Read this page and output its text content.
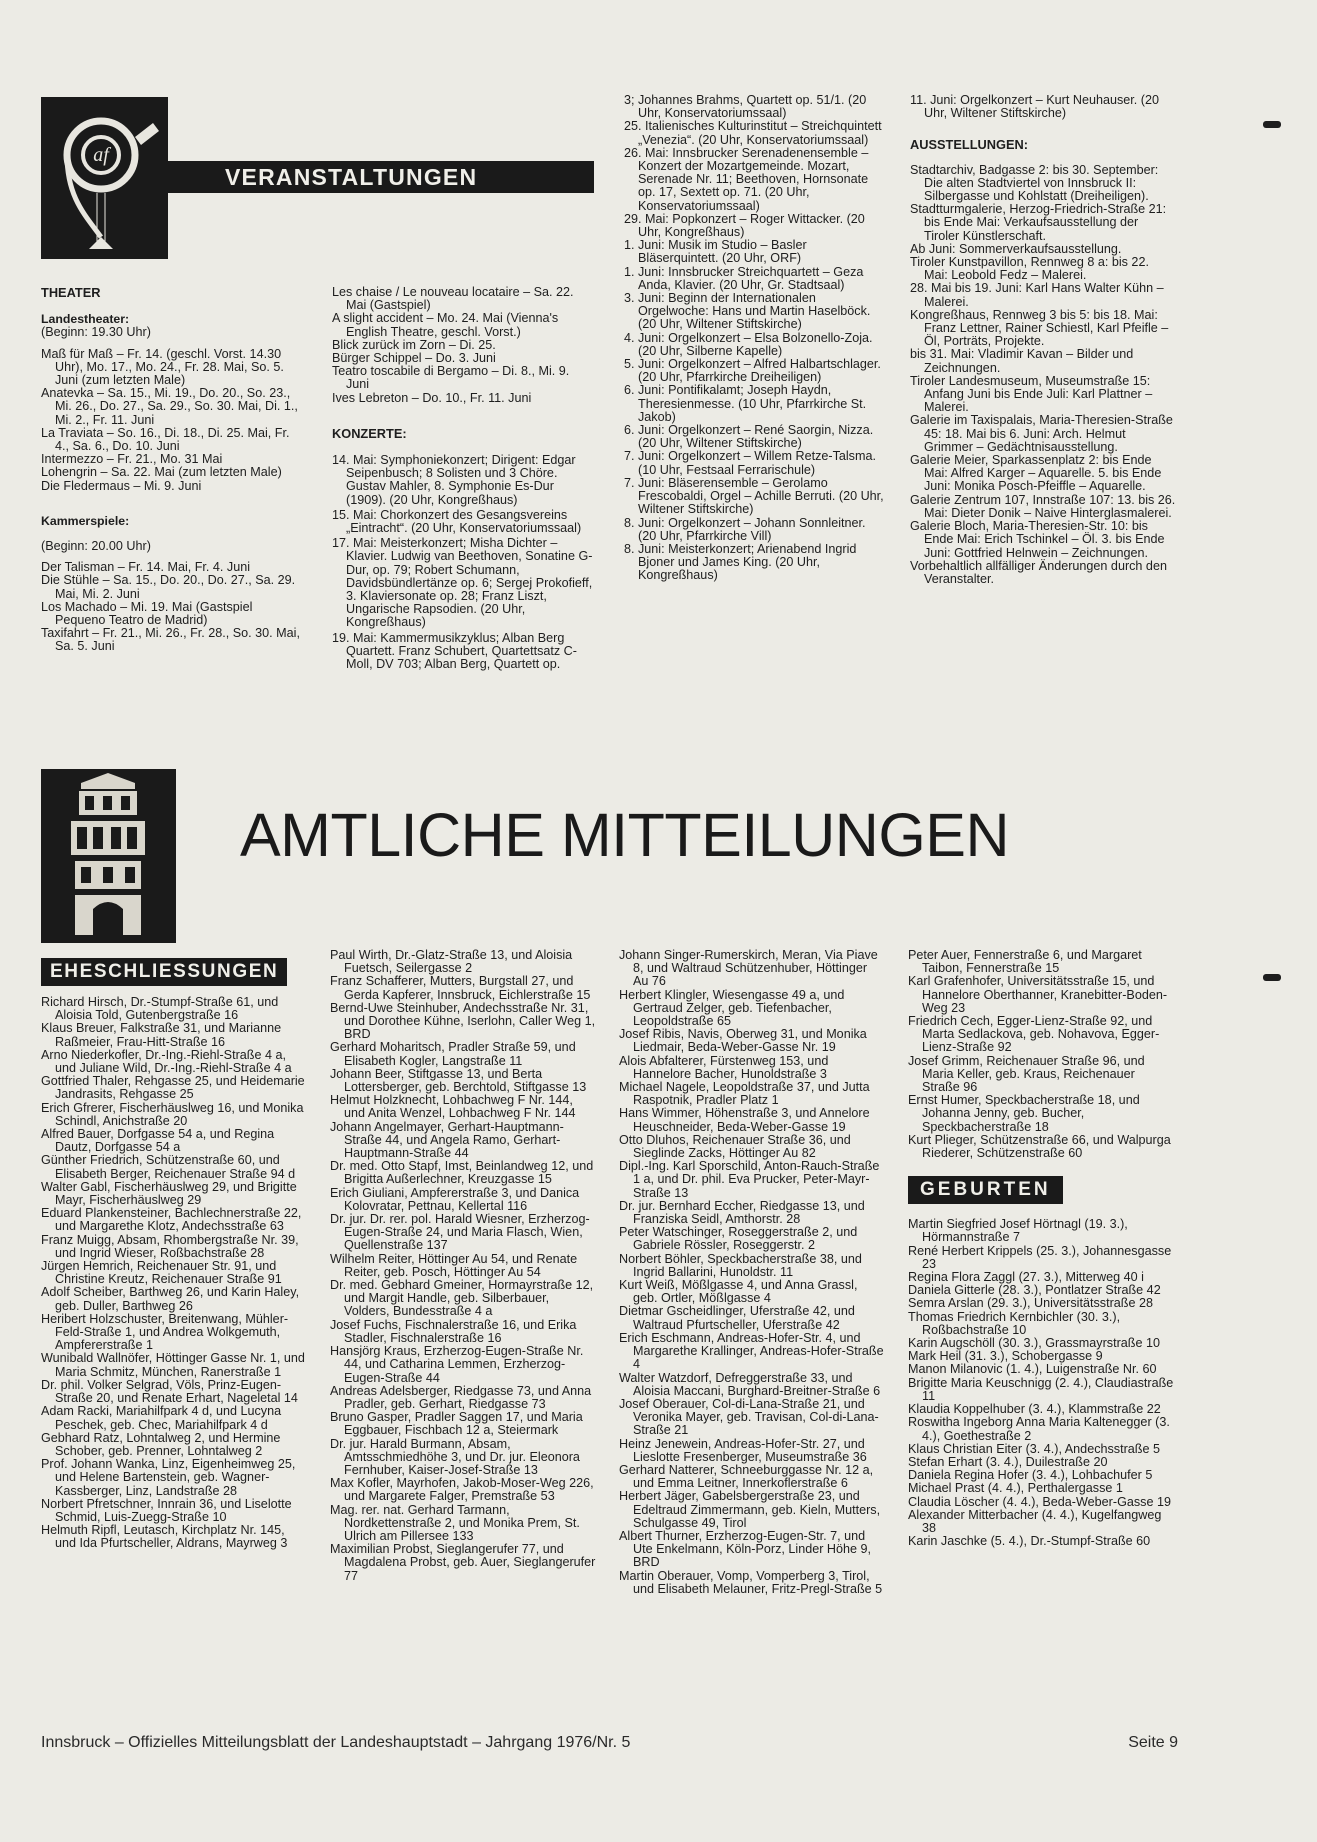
af
VERANSTALTUNGEN

THEATER

Landestheater:

(Beginn: 19.30 Uhr)

Maß für Maß – Fr. 14. (geschl. Vorst. 14.30 Uhr), Mo. 17., Mo. 24., Fr. 28. Mai, So. 5. Juni (zum letzten Male)

Anatevka – Sa. 15., Mi. 19., Do. 20., So. 23., Mi. 26., Do. 27., Sa. 29., So. 30. Mai, Di. 1., Mi. 2., Fr. 11. Juni

La Traviata – So. 16., Di. 18., Di. 25. Mai, Fr. 4., Sa. 6., Do. 10. Juni

Intermezzo – Fr. 21., Mo. 31 Mai

Lohengrin – Sa. 22. Mai (zum letzten Male)

Die Fledermaus – Mi. 9. Juni

Kammerspiele:

(Beginn: 20.00 Uhr)

Der Talisman – Fr. 14. Mai, Fr. 4. Juni

Die Stühle – Sa. 15., Do. 20., Do. 27., Sa. 29. Mai, Mi. 2. Juni

Los Machado – Mi. 19. Mai (Gastspiel Pequeno Teatro de Madrid)

Taxifahrt – Fr. 21., Mi. 26., Fr. 28., So. 30. Mai, Sa. 5. Juni

Les chaise / Le nouveau locataire – Sa. 22. Mai (Gastspiel)

A slight accident – Mo. 24. Mai (Vienna's English Theatre, geschl. Vorst.)

Blick zurück im Zorn – Di. 25.

Bürger Schippel – Do. 3. Juni

Teatro toscabile di Bergamo – Di. 8., Mi. 9. Juni

Ives Lebreton – Do. 10., Fr. 11. Juni

KONZERTE:

14. Mai: Symphoniekonzert; Dirigent: Edgar Seipenbusch; 8 Solisten und 3 Chöre. Gustav Mahler, 8. Symphonie Es-Dur (1909). (20 Uhr, Kongreßhaus)

15. Mai: Chorkonzert des Gesangsvereins „Eintracht“. (20 Uhr, Konservatoriumssaal)

17. Mai: Meisterkonzert; Misha Dichter – Klavier. Ludwig van Beethoven, Sonatine G-Dur, op. 79; Robert Schumann, Davidsbündlertänze op. 6; Sergej Prokofieff, 3. Klaviersonate op. 28; Franz Liszt, Ungarische Rapsodien. (20 Uhr, Kongreßhaus)

19. Mai: Kammermusikzyklus; Alban Berg Quartett. Franz Schubert, Quartettsatz C-Moll, DV 703; Alban Berg, Quartett op.

3; Johannes Brahms, Quartett op. 51/1. (20 Uhr, Konservatoriumssaal)

25. Italienisches Kulturinstitut – Streichquintett „Venezia“. (20 Uhr, Konservatoriumssaal)

26. Mai: Innsbrucker Serenadenensemble – Konzert der Mozartgemeinde. Mozart, Serenade Nr. 11; Beethoven, Hornsonate op. 17, Sextett op. 71. (20 Uhr, Konservatoriumssaal)

29. Mai: Popkonzert – Roger Wittacker. (20 Uhr, Kongreßhaus)

1. Juni: Musik im Studio – Basler Bläserquintett. (20 Uhr, ORF)

1. Juni: Innsbrucker Streichquartett – Geza Anda, Klavier. (20 Uhr, Gr. Stadtsaal)

3. Juni: Beginn der Internationalen Orgelwoche: Hans und Martin Haselböck. (20 Uhr, Wiltener Stiftskirche)

4. Juni: Orgelkonzert – Elsa Bolzonello-Zoja. (20 Uhr, Silberne Kapelle)

5. Juni: Orgelkonzert – Alfred Halbartschlager. (20 Uhr, Pfarrkirche Dreiheiligen)

6. Juni: Pontifikalamt; Joseph Haydn, Theresienmesse. (10 Uhr, Pfarrkirche St. Jakob)

6. Juni: Orgelkonzert – René Saorgin, Nizza. (20 Uhr, Wiltener Stiftskirche)

7. Juni: Orgelkonzert – Willem Retze-Talsma. (10 Uhr, Festsaal Ferrarischule)

7. Juni: Bläserensemble – Gerolamo Frescobaldi, Orgel – Achille Berruti. (20 Uhr, Wiltener Stiftskirche)

8. Juni: Orgelkonzert – Johann Sonnleitner. (20 Uhr, Pfarrkirche Vill)

8. Juni: Meisterkonzert; Arienabend Ingrid Bjoner und James King. (20 Uhr, Kongreßhaus)

11. Juni: Orgelkonzert – Kurt Neuhauser. (20 Uhr, Wiltener Stiftskirche)

AUSSTELLUNGEN:

Stadtarchiv, Badgasse 2: bis 30. September: Die alten Stadtviertel von Innsbruck II: Silbergasse und Kohlstatt (Dreiheiligen).

Stadtturmgalerie, Herzog-Friedrich-Straße 21: bis Ende Mai: Verkaufsausstellung der Tiroler Künstlerschaft.

Ab Juni: Sommerverkaufsausstellung.

Tiroler Kunstpavillon, Rennweg 8 a: bis 22. Mai: Leobold Fedz – Malerei.

28. Mai bis 19. Juni: Karl Hans Walter Kühn – Malerei.

Kongreßhaus, Rennweg 3 bis 5: bis 18. Mai: Franz Lettner, Rainer Schiestl, Karl Pfeifle – Öl, Porträts, Projekte.

bis 31. Mai: Vladimir Kavan – Bilder und Zeichnungen.

Tiroler Landesmuseum, Museumstraße 15: Anfang Juni bis Ende Juli: Karl Plattner – Malerei.

Galerie im Taxispalais, Maria-Theresien-Straße 45: 18. Mai bis 6. Juni: Arch. Helmut Grimmer – Gedächtnisausstellung.

Galerie Meier, Sparkassenplatz 2: bis Ende Mai: Alfred Karger – Aquarelle. 5. bis Ende Juni: Monika Posch-Pfeiffle – Aquarelle.

Galerie Zentrum 107, Innstraße 107: 13. bis 26. Mai: Dieter Donik – Naive Hinterglasmalerei.

Galerie Bloch, Maria-Theresien-Str. 10: bis Ende Mai: Erich Tschinkel – Öl. 3. bis Ende Juni: Gottfried Helnwein – Zeichnungen.

Vorbehaltlich allfälliger Änderungen durch den Veranstalter.

AMTLICHE MITTEILUNGEN
EHESCHLIESSUNGEN

Richard Hirsch, Dr.-Stumpf-Straße 61, und Aloisia Told, Gutenbergstraße 16

Klaus Breuer, Falkstraße 31, und Marianne Raßmeier, Frau-Hitt-Straße 16

Arno Niederkofler, Dr.-Ing.-Riehl-Straße 4 a, und Juliane Wild, Dr.-Ing.-Riehl-Straße 4 a

Gottfried Thaler, Rehgasse 25, und Heidemarie Jandrasits, Rehgasse 25

Erich Gfrerer, Fischerhäuslweg 16, und Monika Schindl, Anichstraße 20

Alfred Bauer, Dorfgasse 54 a, und Regina Dautz, Dorfgasse 54 a

Günther Friedrich, Schützenstraße 60, und Elisabeth Berger, Reichenauer Straße 94 d

Walter Gabl, Fischerhäuslweg 29, und Brigitte Mayr, Fischerhäuslweg 29

Eduard Plankensteiner, Bachlechnerstraße 22, und Margarethe Klotz, Andechsstraße 63

Franz Muigg, Absam, Rhombergstraße Nr. 39, und Ingrid Wieser, Roßbachstraße 28

Jürgen Hemrich, Reichenauer Str. 91, und Christine Kreutz, Reichenauer Straße 91

Adolf Scheiber, Barthweg 26, und Karin Haley, geb. Duller, Barthweg 26

Heribert Holzschuster, Breitenwang, Mühler-Feld-Straße 1, und Andrea Wolkgemuth, Ampfererstraße 1

Wunibald Wallnöfer, Höttinger Gasse Nr. 1, und Maria Schmitz, München, Ranerstraße 1

Dr. phil. Volker Selgrad, Völs, Prinz-Eugen-Straße 20, und Renate Erhart, Nageletal 14

Adam Racki, Mariahilfpark 4 d, und Lucyna Peschek, geb. Chec, Mariahilfpark 4 d

Gebhard Ratz, Lohntalweg 2, und Hermine Schober, geb. Prenner, Lohntalweg 2

Prof. Johann Wanka, Linz, Eigenheimweg 25, und Helene Bartenstein, geb. Wagner-Kassberger, Linz, Landstraße 28

Norbert Pfretschner, Innrain 36, und Liselotte Schmid, Luis-Zuegg-Straße 10

Helmuth Ripfl, Leutasch, Kirchplatz Nr. 145, und Ida Pfurtscheller, Aldrans, Mayrweg 3

Paul Wirth, Dr.-Glatz-Straße 13, und Aloisia Fuetsch, Seilergasse 2

Franz Schafferer, Mutters, Burgstall 27, und Gerda Kapferer, Innsbruck, Eichlerstraße 15

Bernd-Uwe Steinhuber, Andechsstraße Nr. 31, und Dorothee Kühne, Iserlohn, Caller Weg 1, BRD

Gerhard Moharitsch, Pradler Straße 59, und Elisabeth Kogler, Langstraße 11

Johann Beer, Stiftgasse 13, und Berta Lottersberger, geb. Berchtold, Stiftgasse 13

Helmut Holzknecht, Lohbachweg F Nr. 144, und Anita Wenzel, Lohbachweg F Nr. 144

Johann Angelmayer, Gerhart-Hauptmann-Straße 44, und Angela Ramo, Gerhart-Hauptmann-Straße 44

Dr. med. Otto Stapf, Imst, Beinlandweg 12, und Brigitta Außerlechner, Kreuzgasse 15

Erich Giuliani, Ampfererstraße 3, und Danica Kolovratar, Pettnau, Kellertal 116

Dr. jur. Dr. rer. pol. Harald Wiesner, Erzherzog-Eugen-Straße 24, und Maria Flasch, Wien, Quellenstraße 137

Wilhelm Reiter, Höttinger Au 54, und Renate Reiter, geb. Posch, Höttinger Au 54

Dr. med. Gebhard Gmeiner, Hormayrstraße 12, und Margit Handle, geb. Silberbauer, Volders, Bundesstraße 4 a

Josef Fuchs, Fischnalerstraße 16, und Erika Stadler, Fischnalerstraße 16

Hansjörg Kraus, Erzherzog-Eugen-Straße Nr. 44, und Catharina Lemmen, Erzherzog-Eugen-Straße 44

Andreas Adelsberger, Riedgasse 73, und Anna Pradler, geb. Gerhart, Riedgasse 73

Bruno Gasper, Pradler Saggen 17, und Maria Eggbauer, Fischbach 12 a, Steiermark

Dr. jur. Harald Burmann, Absam, Amtsschmiedhöhe 3, und Dr. jur. Eleonora Fernhuber, Kaiser-Josef-Straße 13

Max Kofler, Mayrhofen, Jakob-Moser-Weg 226, und Margarete Falger, Premstraße 53

Mag. rer. nat. Gerhard Tarmann, Nordkettenstraße 2, und Monika Prem, St. Ulrich am Pillersee 133

Maximilian Probst, Sieglangerufer 77, und Magdalena Probst, geb. Auer, Sieglangerufer 77

Johann Singer-Rumerskirch, Meran, Via Piave 8, und Waltraud Schützenhuber, Höttinger Au 76

Herbert Klingler, Wiesengasse 49 a, und Gertraud Zelger, geb. Tiefenbacher, Leopoldstraße 65

Josef Ribis, Navis, Oberweg 31, und Monika Liedmair, Beda-Weber-Gasse Nr. 19

Alois Abfalterer, Fürstenweg 153, und Hannelore Bacher, Hunoldstraße 3

Michael Nagele, Leopoldstraße 37, und Jutta Raspotnik, Pradler Platz 1

Hans Wimmer, Höhenstraße 3, und Annelore Heuschneider, Beda-Weber-Gasse 19

Otto Dluhos, Reichenauer Straße 36, und Sieglinde Zacks, Höttinger Au 82

Dipl.-Ing. Karl Sporschild, Anton-Rauch-Straße 1 a, und Dr. phil. Eva Prucker, Peter-Mayr-Straße 13

Dr. jur. Bernhard Eccher, Riedgasse 13, und Franziska Seidl, Amthorstr. 28

Peter Watschinger, Roseggerstraße 2, und Gabriele Rössler, Roseggerstr. 2

Norbert Böhler, Speckbacherstraße 38, und Ingrid Ballarini, Hunoldstr. 11

Kurt Weiß, Mößlgasse 4, und Anna Grassl, geb. Ortler, Mößlgasse 4

Dietmar Gscheidlinger, Uferstraße 42, und Waltraud Pfurtscheller, Uferstraße 42

Erich Eschmann, Andreas-Hofer-Str. 4, und Margarethe Krallinger, Andreas-Hofer-Straße 4

Walter Watzdorf, Defreggerstraße 33, und Aloisia Maccani, Burghard-Breitner-Straße 6

Josef Oberauer, Col-di-Lana-Straße 21, und Veronika Mayer, geb. Travisan, Col-di-Lana-Straße 21

Heinz Jenewein, Andreas-Hofer-Str. 27, und Lieslotte Fresenberger, Museumstraße 36

Gerhard Natterer, Schneeburggasse Nr. 12 a, und Emma Leitner, Innerkoflerstraße 6

Herbert Jäger, Gabelsbergerstraße 23, und Edeltraud Zimmermann, geb. Kieln, Mutters, Schulgasse 49, Tirol

Albert Thurner, Erzherzog-Eugen-Str. 7, und Ute Enkelmann, Köln-Porz, Linder Höhe 9, BRD

Martin Oberauer, Vomp, Vomperberg 3, Tirol, und Elisabeth Melauner, Fritz-Pregl-Straße 5

Peter Auer, Fennerstraße 6, und Margaret Taibon, Fennerstraße 15

Karl Grafenhofer, Universitätsstraße 15, und Hannelore Oberthanner, Kranebitter-Boden-Weg 23

Friedrich Cech, Egger-Lienz-Straße 92, und Marta Sedlackova, geb. Nohavova, Egger-Lienz-Straße 92

Josef Grimm, Reichenauer Straße 96, und Maria Keller, geb. Kraus, Reichenauer Straße 96

Ernst Humer, Speckbacherstraße 18, und Johanna Jenny, geb. Bucher, Speckbacherstraße 18

Kurt Plieger, Schützenstraße 66, und Walpurga Riederer, Schützenstraße 60

GEBURTEN

Martin Siegfried Josef Hörtnagl (19. 3.), Hörmannstraße 7

René Herbert Krippels (25. 3.), Johannesgasse 23

Regina Flora Zaggl (27. 3.), Mitterweg 40 i

Daniela Gitterle (28. 3.), Pontlatzer Straße 42

Semra Arslan (29. 3.), Universitätsstraße 28

Thomas Friedrich Kernbichler (30. 3.), Roßbachstraße 10

Karin Augschöll (30. 3.), Grassmayrstraße 10

Mark Heil (31. 3.), Schobergasse 9

Manon Milanovic (1. 4.), Luigenstraße Nr. 60

Brigitte Maria Keuschnigg (2. 4.), Claudiastraße 11

Klaudia Koppelhuber (3. 4.), Klammstraße 22

Roswitha Ingeborg Anna Maria Kaltenegger (3. 4.), Goethestraße 2

Klaus Christian Eiter (3. 4.), Andechsstraße 5

Stefan Erhart (3. 4.), Duilestraße 20

Daniela Regina Hofer (3. 4.), Lohbachufer 5

Michael Prast (4. 4.), Perthalergasse 1

Claudia Löscher (4. 4.), Beda-Weber-Gasse 19

Alexander Mitterbacher (4. 4.), Kugelfangweg 38

Karin Jaschke (5. 4.), Dr.-Stumpf-Straße 60

Innsbruck – Offizielles Mitteilungsblatt der Landeshauptstadt – Jahrgang 1976/Nr. 5	Seite 9
